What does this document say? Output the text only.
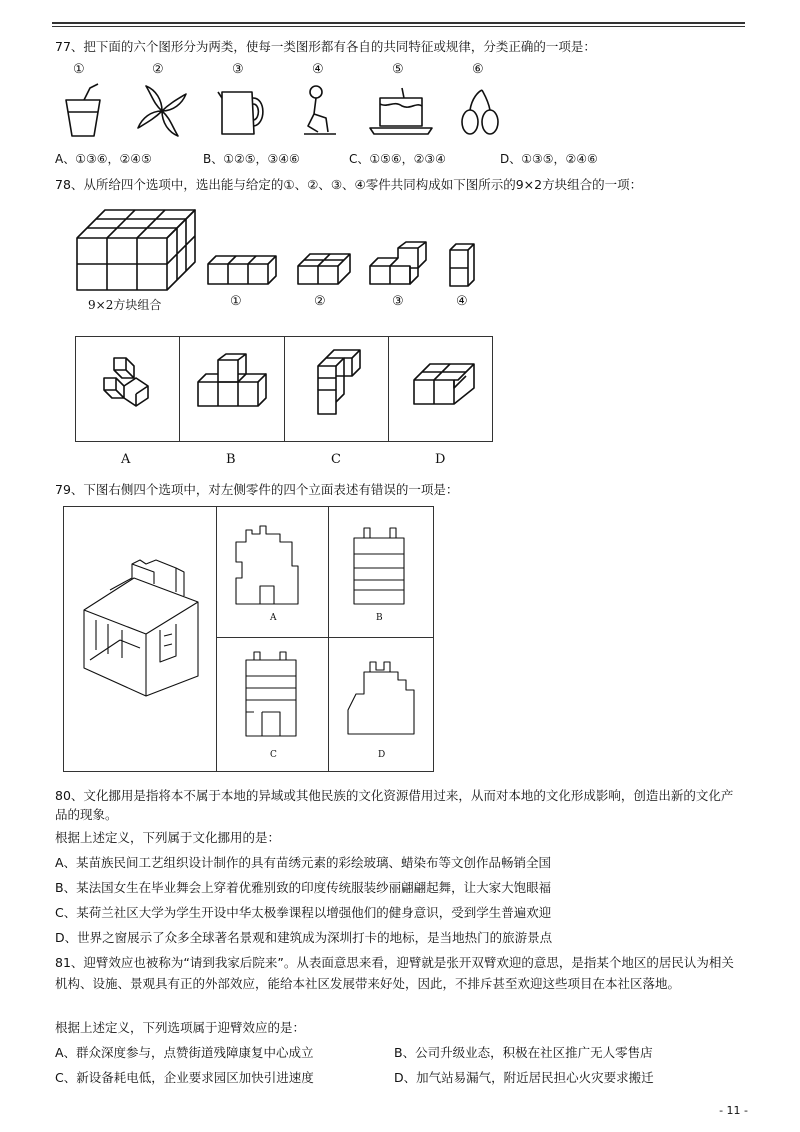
77、把下面的六个图形分为两类，使每一类图形都有各自的共同特征或规律，分类正确的一项是：
①	②	③	④	⑤	⑥
A、①③⑥，②④⑤	B、①②⑤，③④⑥	C、①⑤⑥，②③④	D、①③⑤，②④⑥
78、从所给四个选项中，选出能与给定的①、②、③、④零件共同构成如下图所示的9×2方块组合的一项：
9×2方块组合	①	②	③	④
A	B	C	D
79、下图右侧四个选项中，对左侧零件的四个立面表述有错误的一项是：
A	B
C	D
80、文化挪用是指将本不属于本地的异域或其他民族的文化资源借用过来，从而对本地的文化形成影响，创造出新的文化产品的现象。
根据上述定义，下列属于文化挪用的是：
A、某苗族民间工艺组织设计制作的具有苗绣元素的彩绘玻璃、蜡染布等文创作品畅销全国
B、某法国女生在毕业舞会上穿着优雅别致的印度传统服装纱丽翩翩起舞，让大家大饱眼福
C、某荷兰社区大学为学生开设中华太极拳课程以增强他们的健身意识，受到学生普遍欢迎
D、世界之窗展示了众多全球著名景观和建筑成为深圳打卡的地标，是当地热门的旅游景点
81、迎臂效应也被称为“请到我家后院来”。从表面意思来看，迎臂就是张开双臂欢迎的意思，是指某个地区的居民认为相关机构、设施、景观具有正的外部效应，能给本社区发展带来好处，因此，不排斥甚至欢迎这些项目在本社区落地。
根据上述定义，下列选项属于迎臂效应的是：
A、群众深度参与，点赞街道残障康复中心成立	B、公司升级业态，积极在社区推广无人零售店
C、新设备耗电低，企业要求园区加快引进速度	D、加气站易漏气，附近居民担心火灾要求搬迁
- 11 -
